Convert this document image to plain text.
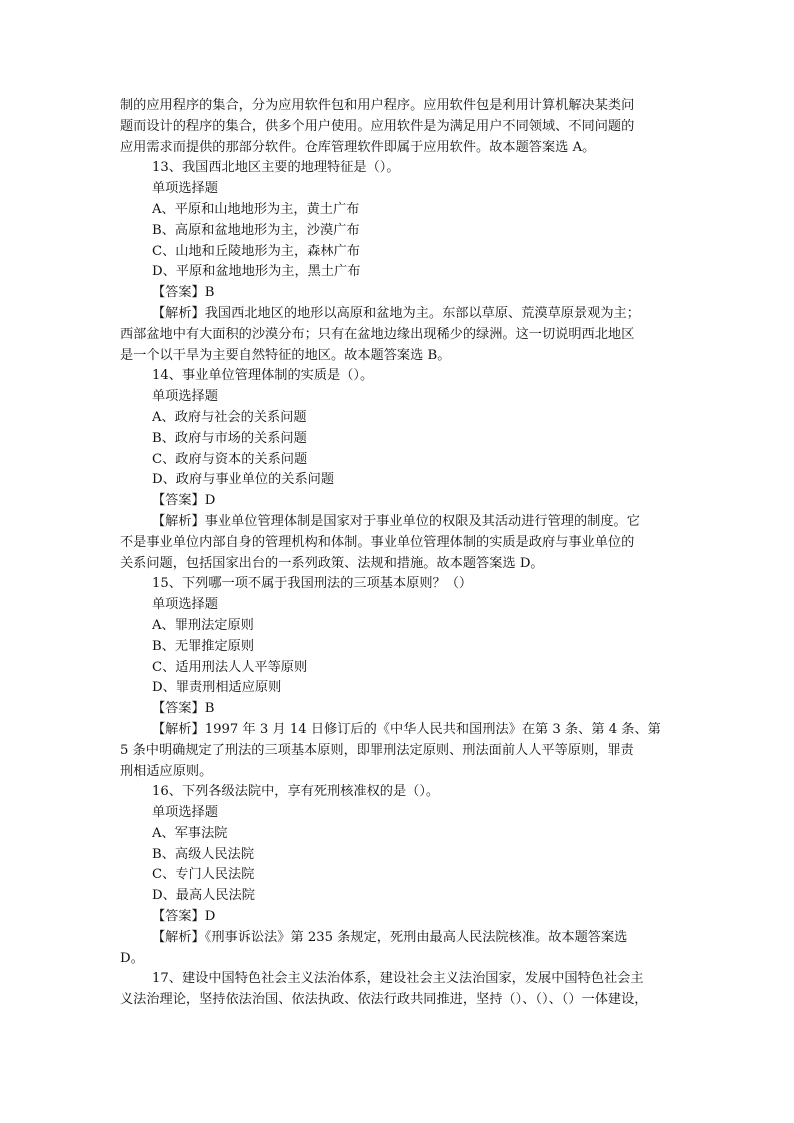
制的应用程序的集合，分为应用软件包和用户程序。应用软件包是利用计算机解决某类问
题而设计的程序的集合，供多个用户使用。应用软件是为满足用户不同领域、不同问题的
应用需求而提供的那部分软件。仓库管理软件即属于应用软件。故本题答案选 A。
13、我国西北地区主要的地理特征是（）。
单项选择题
A、平原和山地地形为主，黄土广布
B、高原和盆地地形为主，沙漠广布
C、山地和丘陵地形为主，森林广布
D、平原和盆地地形为主，黑土广布
【答案】B
【解析】我国西北地区的地形以高原和盆地为主。东部以草原、荒漠草原景观为主；
西部盆地中有大面积的沙漠分布；只有在盆地边缘出现稀少的绿洲。这一切说明西北地区
是一个以干旱为主要自然特征的地区。故本题答案选 B。
14、事业单位管理体制的实质是（）。
单项选择题
A、政府与社会的关系问题
B、政府与市场的关系问题
C、政府与资本的关系问题
D、政府与事业单位的关系问题
【答案】D
【解析】事业单位管理体制是国家对于事业单位的权限及其活动进行管理的制度。它
不是事业单位内部自身的管理机构和体制。事业单位管理体制的实质是政府与事业单位的
关系问题，包括国家出台的一系列政策、法规和措施。故本题答案选 D。
15、下列哪一项不属于我国刑法的三项基本原则？（）
单项选择题
A、罪刑法定原则
B、无罪推定原则
C、适用刑法人人平等原则
D、罪责刑相适应原则
【答案】B
【解析】1997 年 3 月 14 日修订后的《中华人民共和国刑法》在第 3 条、第 4 条、第
5 条中明确规定了刑法的三项基本原则，即罪刑法定原则、刑法面前人人平等原则，罪责
刑相适应原则。
16、下列各级法院中，享有死刑核准权的是（）。
单项选择题
A、军事法院
B、高级人民法院
C、专门人民法院
D、最高人民法院
【答案】D
【解析】《刑事诉讼法》第 235 条规定，死刑由最高人民法院核准。故本题答案选
D。
17、建设中国特色社会主义法治体系，建设社会主义法治国家，发展中国特色社会主
义法治理论，坚持依法治国、依法执政、依法行政共同推进，坚持（）、（）、（）一体建设，
